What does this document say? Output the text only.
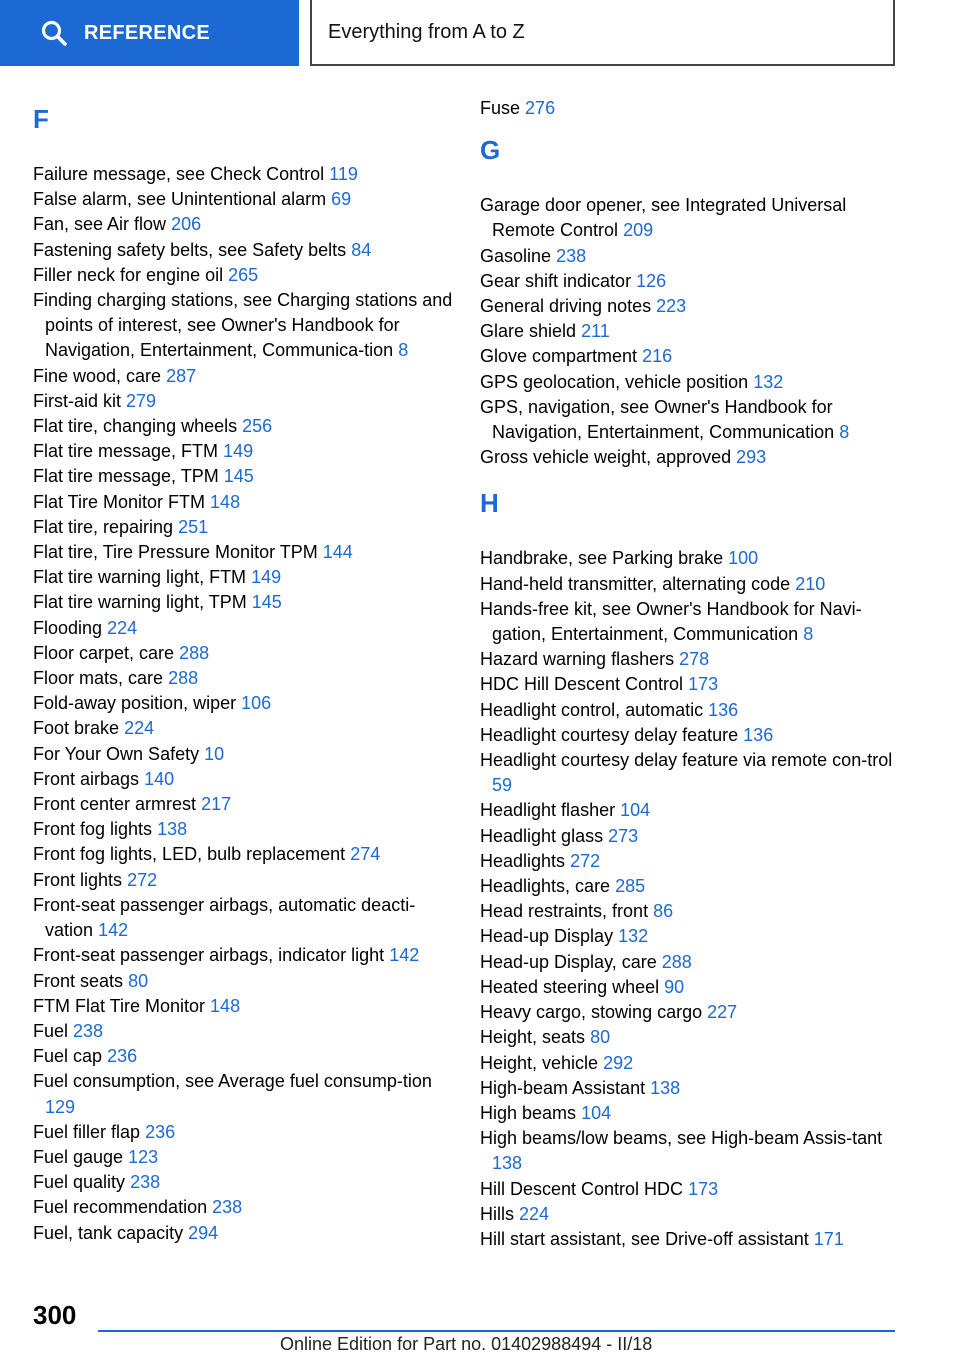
REFERENCE	Everything from A to Z
F
Failure message, see Check Control 119
False alarm, see Unintentional alarm 69
Fan, see Air flow 206
Fastening safety belts, see Safety belts 84
Filler neck for engine oil 265
Finding charging stations, see Charging stations and points of interest, see Owner's Handbook for Navigation, Entertainment, Communica-tion 8
Fine wood, care 287
First-aid kit 279
Flat tire, changing wheels 256
Flat tire message, FTM 149
Flat tire message, TPM 145
Flat Tire Monitor FTM 148
Flat tire, repairing 251
Flat tire, Tire Pressure Monitor TPM 144
Flat tire warning light, FTM 149
Flat tire warning light, TPM 145
Flooding 224
Floor carpet, care 288
Floor mats, care 288
Fold-away position, wiper 106
Foot brake 224
For Your Own Safety 10
Front airbags 140
Front center armrest 217
Front fog lights 138
Front fog lights, LED, bulb replacement 274
Front lights 272
Front-seat passenger airbags, automatic deacti-vation 142
Front-seat passenger airbags, indicator light 142
Front seats 80
FTM Flat Tire Monitor 148
Fuel 238
Fuel cap 236
Fuel consumption, see Average fuel consump-tion 129
Fuel filler flap 236
Fuel gauge 123
Fuel quality 238
Fuel recommendation 238
Fuel, tank capacity 294
Fuse 276
G
Garage door opener, see Integrated Universal Remote Control 209
Gasoline 238
Gear shift indicator 126
General driving notes 223
Glare shield 211
Glove compartment 216
GPS geolocation, vehicle position 132
GPS, navigation, see Owner's Handbook for Navigation, Entertainment, Communication 8
Gross vehicle weight, approved 293
H
Handbrake, see Parking brake 100
Hand-held transmitter, alternating code 210
Hands-free kit, see Owner's Handbook for Navi-gation, Entertainment, Communication 8
Hazard warning flashers 278
HDC Hill Descent Control 173
Headlight control, automatic 136
Headlight courtesy delay feature 136
Headlight courtesy delay feature via remote con-trol 59
Headlight flasher 104
Headlight glass 273
Headlights 272
Headlights, care 285
Head restraints, front 86
Head-up Display 132
Head-up Display, care 288
Heated steering wheel 90
Heavy cargo, stowing cargo 227
Height, seats 80
Height, vehicle 292
High-beam Assistant 138
High beams 104
High beams/low beams, see High-beam Assis-tant 138
Hill Descent Control HDC 173
Hills 224
Hill start assistant, see Drive-off assistant 171
300
Online Edition for Part no. 01402988494 - II/18
